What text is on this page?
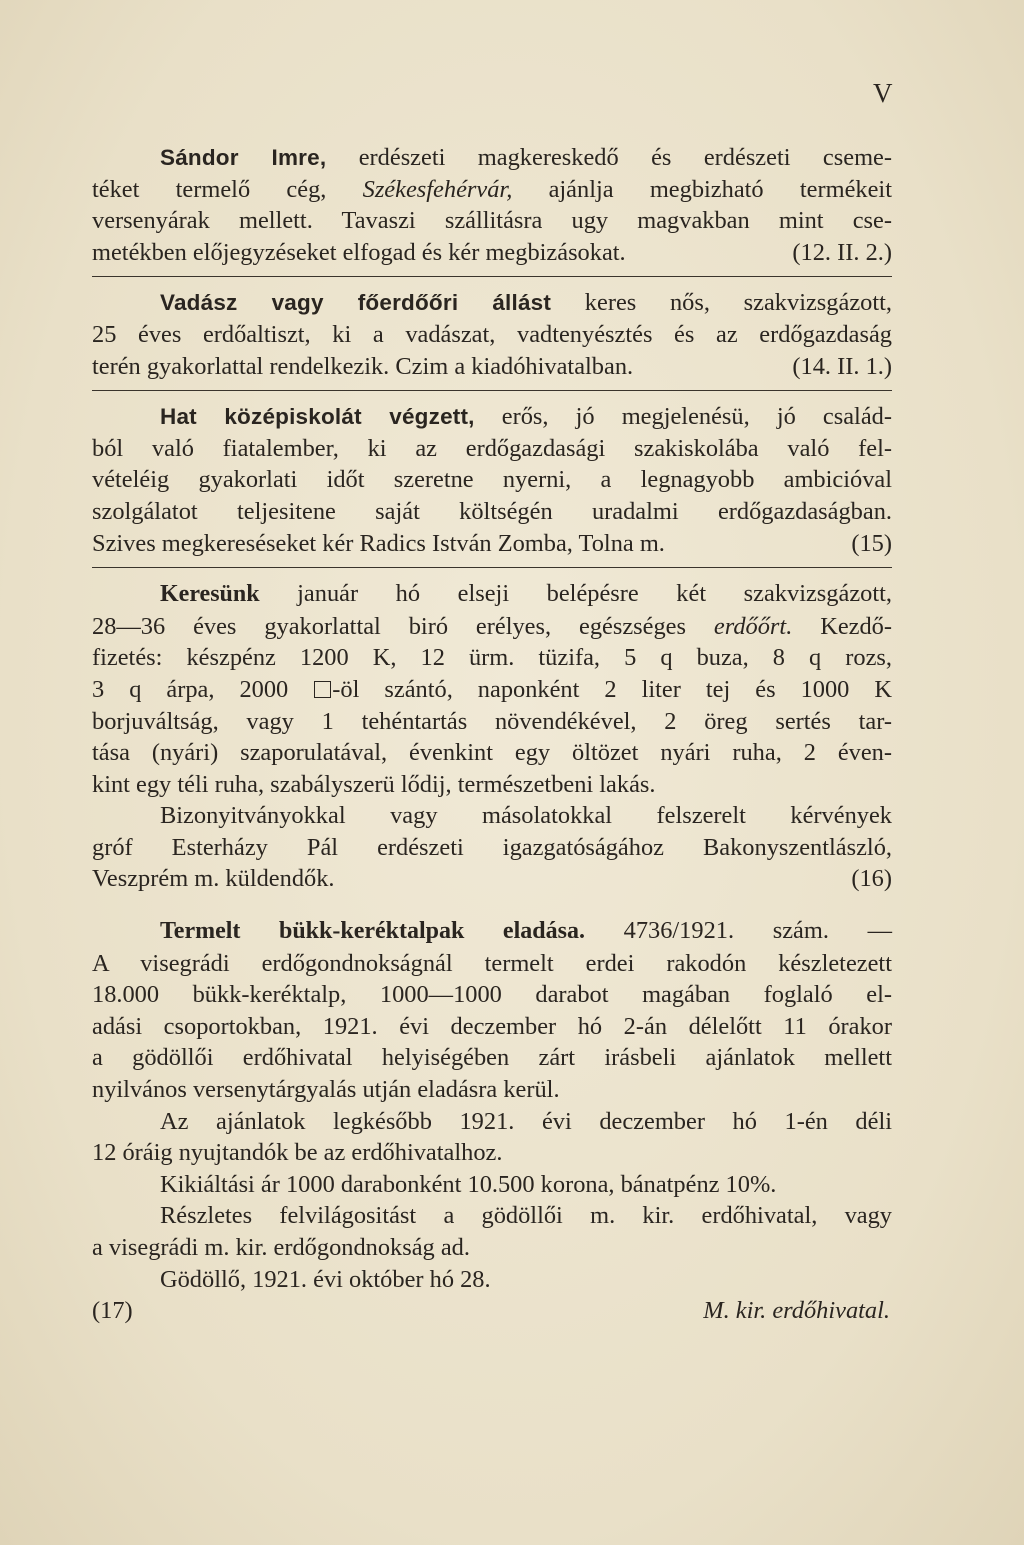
V

Sándor Imre, erdészeti magkereskedő és erdészeti cseme-

téket termelő cég, Székesfehérvár, ajánlja megbizható termékeit

versenyárak mellett. Tavaszi szállitásra ugy magvakban mint cse-

metékben előjegyzéseket elfogad és kér megbizásokat.	(12. II. 2.)

Vadász vagy főerdőőri állást keres nős, szakvizsgázott,

25 éves erdőaltiszt, ki a vadászat, vadtenyésztés és az erdőgazdaság

terén gyakorlattal rendelkezik. Czim a kiadóhivatalban.	(14. II. 1.)

Hat középiskolát végzett, erős, jó megjelenésü, jó család-

ból való fiatalember, ki az erdőgazdasági szakiskolába való fel-

vételéig gyakorlati időt szeretne nyerni, a legnagyobb ambicióval

szolgálatot teljesitene saját költségén uradalmi erdőgazdaságban.

Szives megkereséseket kér Radics István Zomba, Tolna m.	(15)

Keresünk január hó elseji belépésre két szakvizsgázott,

28—36 éves gyakorlattal biró erélyes, egészséges erdőőrt. Kezdő-

fizetés: készpénz 1200 K, 12 ürm. tüzifa, 5 q buza, 8 q rozs,

3 q árpa, 2000 -öl szántó, naponként 2 liter tej és 1000 K

borjuváltság, vagy 1 tehéntartás növendékével, 2 öreg sertés tar-

tása (nyári) szaporulatával, évenkint egy öltözet nyári ruha, 2 éven-

kint egy téli ruha, szabályszerü lődij, természetbeni lakás.

Bizonyitványokkal vagy másolatokkal felszerelt kérvények

gróf Esterházy Pál erdészeti igazgatóságához Bakonyszentlászló,

Veszprém m. küldendők.	(16)

Termelt bükk-keréktalpak eladása. 4736/1921. szám. —

A visegrádi erdőgondnokságnál termelt erdei rakodón készletezett

18.000 bükk-keréktalp, 1000—1000 darabot magában foglaló el-

adási csoportokban, 1921. évi deczember hó 2-án délelőtt 11 órakor

a gödöllői erdőhivatal helyiségében zárt irásbeli ajánlatok mellett

nyilvános versenytárgyalás utján eladásra kerül.

Az ajánlatok legkésőbb 1921. évi deczember hó 1-én déli

12 óráig nyujtandók be az erdőhivatalhoz.

Kikiáltási ár 1000 darabonként 10.500 korona, bánatpénz 10%.

Részletes felvilágositást a gödöllői m. kir. erdőhivatal, vagy

a visegrádi m. kir. erdőgondnokság ad.

Gödöllő, 1921. évi október hó 28.

(17)	M. kir. erdőhivatal.
